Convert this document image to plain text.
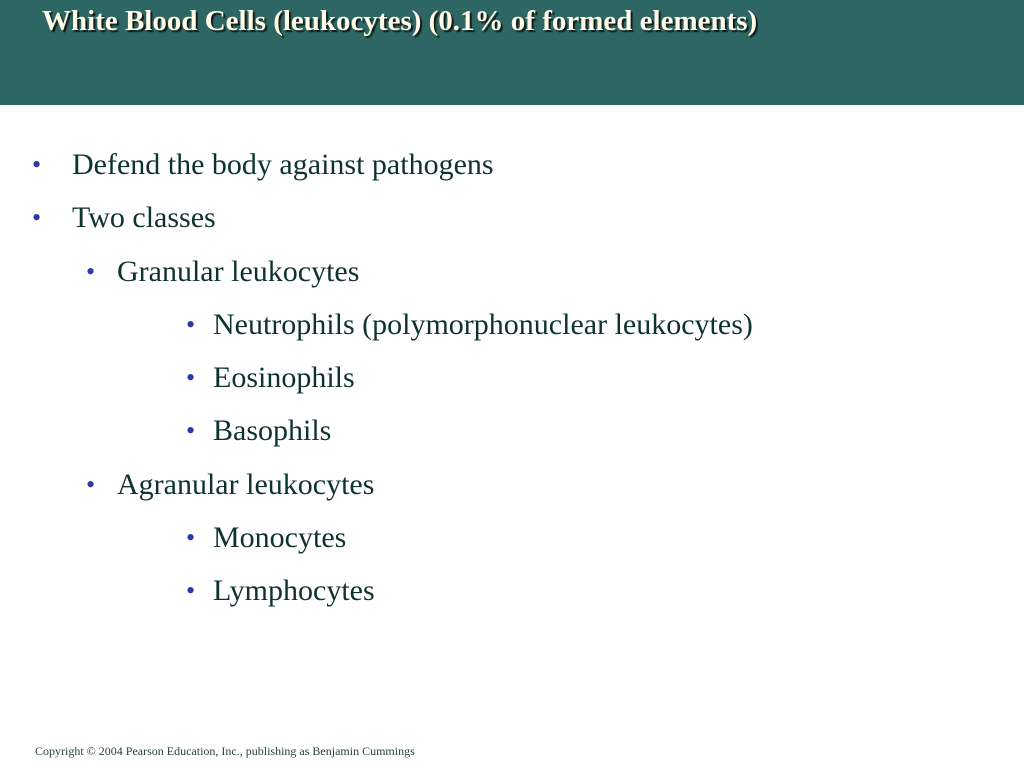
White Blood Cells (leukocytes) (0.1% of formed elements)
• Defend the body against pathogens
• Two classes
• Granular leukocytes
• Neutrophils (polymorphonuclear leukocytes)
• Eosinophils
• Basophils
• Agranular leukocytes
• Monocytes
• Lymphocytes

Copyright © 2004 Pearson Education, Inc., publishing as Benjamin Cummings
